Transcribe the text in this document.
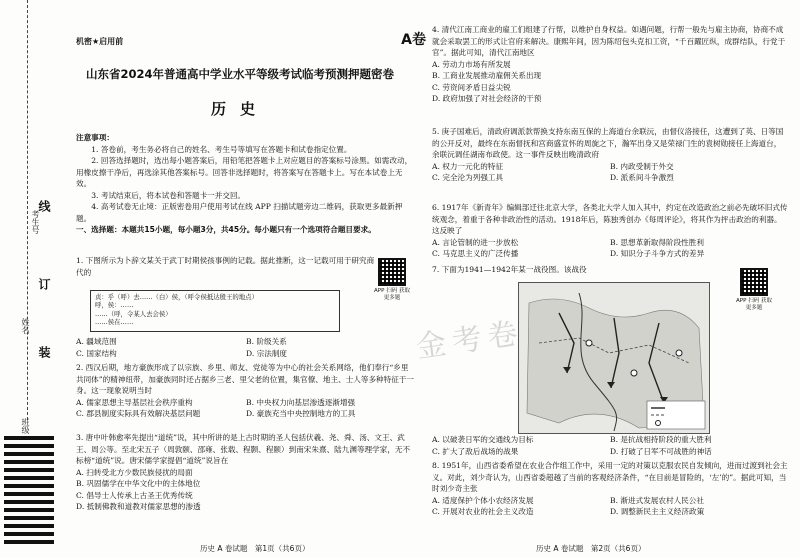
考生号
线
订
姓名
装
班级
机密★启用前	A卷
山东省2024年普通高中学业水平等级考试临考预测押题密卷
历史
注意事项：
1. 答卷前，考生务必将自己的姓名、考生号等填写在答题卡和试卷指定位置。
2. 回答选择题时，选出每小题答案后，用铅笔把答题卡上对应题目的答案标号涂黑。如需改动，用橡皮擦干净后，再选涂其他答案标号。回答非选择题时，将答案写在答题卡上。写在本试卷上无效。
3. 考试结束后，将本试卷和答题卡一并交回。
4. 高考试卷无止境：正版密卷用户使用考试在线 APP 扫描试题旁边二维码，获取更多最新押题。
一、选择题：本题共15小题，每小题3分，共45分。每小题只有一个选项符合题目要求。
1. 下图所示为卜辞文某关于武丁时期侯孩事例的记载。据此推断，这一记载可用于研究商代的
APP 扫码 获取更多题
贞：乎（呼）去……（白）侯，（呼令侯抵达殷王的地点）
呼，侯：……
……（呼，令某人去会侯）
……侯在……
A. 疆域范围	B. 阶级关系
C. 国家结构	D. 宗法制度
2. 西汉后期，地方豪族形成了以宗族、乡里、师友、党徒等为中心的社会关系网络，他们奉行“乡里共同体”的精神纽带，加豪族同时还占据乡三老、里父老的位置，集官僚、地主、士人等多种特征于一身。这一现象说明当时
A. 儒家思想主导基层社会秩序重构	B. 中央权力向基层渗透逐渐增强
C. 郡县制度实际具有效解决基层问题	D. 豪族充当中央控制地方的工具
3. 唐中叶韩愈率先提出“道统”说，其中所讲的是上古时期的圣人包括伏羲、尧、舜、汤、文王、武王、周公等。至北宋五子（周敦颐、邵雍、张载、程颢、程颐）到南宋朱熹、陆九渊等理学家，无不标榜“道统”说。唐宋儒学家提倡“道统”说旨在
A. 扫转受北方少数民族侵扰的局面
B. 巩固儒学在中华文化中的主体地位
C. 倡导士人传承上古圣王优秀传统
D. 抵制佛教和道教对儒家思想的渗透
历史 A 卷试题　第1页（共6页）
4. 清代江南工商业的雇工们组建了行帮，以维护自身权益。如遇问题，行帮一般先与雇主协商，协商不成就会采取罢工的形式让官府来解决。康熙年间，因为陈绍包头克扣工资，“千百躍匠纵，成群结队，行党于官”。据此可知，清代江南地区
A. 劳动力市场有所发展
B. 工商业发展推动雇佣关系出现
C. 劳资间矛盾日益尖锐
D. 政府加强了对社会经济的干预
5. 庚子国难后，清政府调派款帮换支持东南互保的上海道台余联沅，由督仪洛接任，这遭到了英、日等国的公开反对，最终在东南督抚和宫商盛宣怀的周旋之下，瀚军出身又是荣禄门生的袁树勋接任上海道台，余联沅调任湖南布政使。这一事件反映出晚清政府
A. 权力一元化的特征	B. 内政受制于外交
C. 完全沦为列强工具	D. 派系间斗争激烈
6. 1917年《新青年》编辑部迁往北京大学，各类北大学人加入其中，约定在改造政治之前必先破坏旧式传统观念，着重于各种非政治性的活动。1918年后，陈独秀创办《每周评论》，将其作为抨击政治的利器。这反映了
A. 言论管制的进一步放松	B. 思想革新取得阶段性胜利
C. 马克思主义的广泛传播	D. 知识分子斗争方式的差异
7. 下面为1941—1942年某一战役图。该战役
APP 扫码 获取更多题
金考卷
A. 以破袭日军的交通线为目标	B. 是抗战相持阶段的重大胜利
C. 扩大了敌后战场的战果	D. 打破了日军不可战胜的神话
8. 1951年，山西省委希望在农业合作组工作中，采用一定的对策以克服农民自发倾向，进而过渡到社会主义。对此，刘少奇认为，山西省委超越了当前的客观经济条件，“在目前是冒险的，‘左’的”。据此可知，当时刘少奇主张
A. 适度保护个体小农经济发展	B. 渐进式发展农村人民公社
C. 开展对农业的社会主义改造	D. 调整新民主主义经济政策
历史 A 卷试题　第2页（共6页）
